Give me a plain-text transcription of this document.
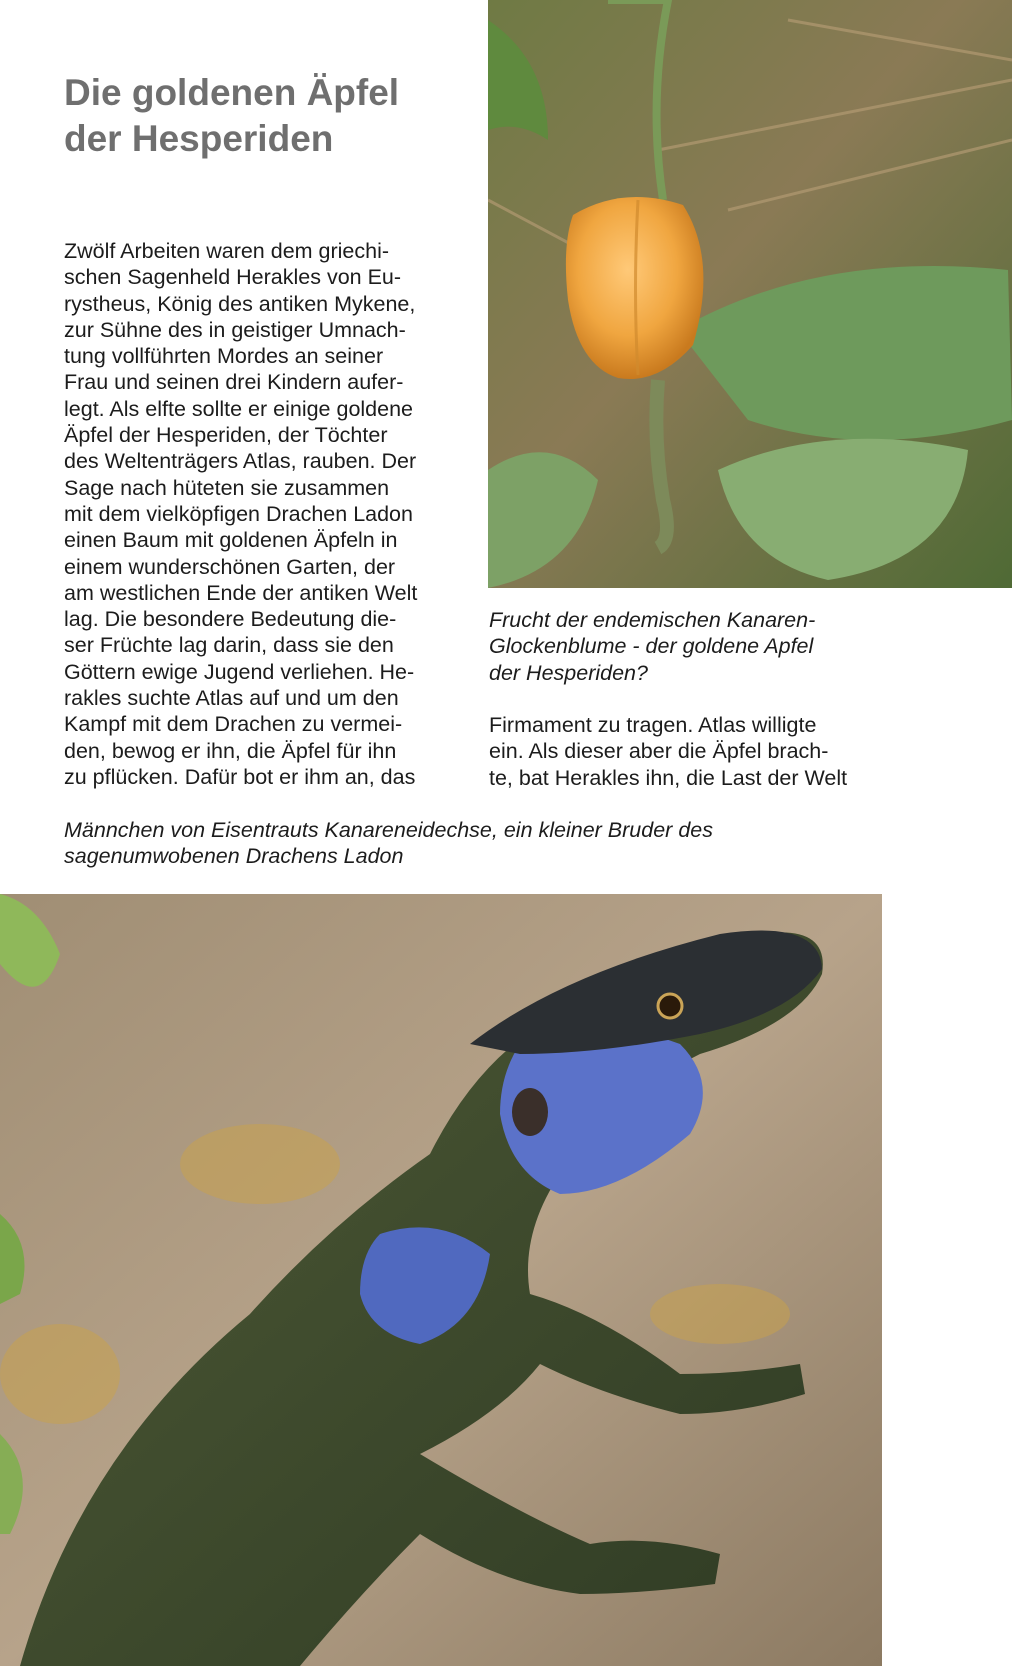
Die goldenen Äpfel
der Hesperiden
Zwölf Arbeiten waren dem griechi-
schen Sagenheld Herakles von Eu-
rystheus, König des antiken Mykene,
zur Sühne des in geistiger Umnach-
tung vollführten Mordes an seiner
Frau und seinen drei Kindern aufer-
legt. Als elfte sollte er einige goldene
Äpfel der Hesperiden, der Töchter
des Weltenträgers Atlas, rauben. Der
Sage nach hüteten sie zusammen
mit dem vielköpfigen Drachen Ladon
einen Baum mit goldenen Äpfeln in
einem wunderschönen Garten, der
am westlichen Ende der antiken Welt
lag. Die besondere Bedeutung die-
ser Früchte lag darin, dass sie den
Göttern ewige Jugend verliehen. He-
rakles suchte Atlas auf und um den
Kampf mit dem Drachen zu vermei-
den, bewog er ihn, die Äpfel für ihn
zu pflücken. Dafür bot er ihm an, das
Frucht der endemischen Kanaren-
Glockenblume - der goldene Apfel
der Hesperiden?
Firmament zu tragen. Atlas willigte
ein. Als dieser aber die Äpfel brach-
te, bat Herakles ihn, die Last der Welt
Männchen von Eisentrauts Kanareneidechse, ein kleiner Bruder des
sagenumwobenen Drachens Ladon
